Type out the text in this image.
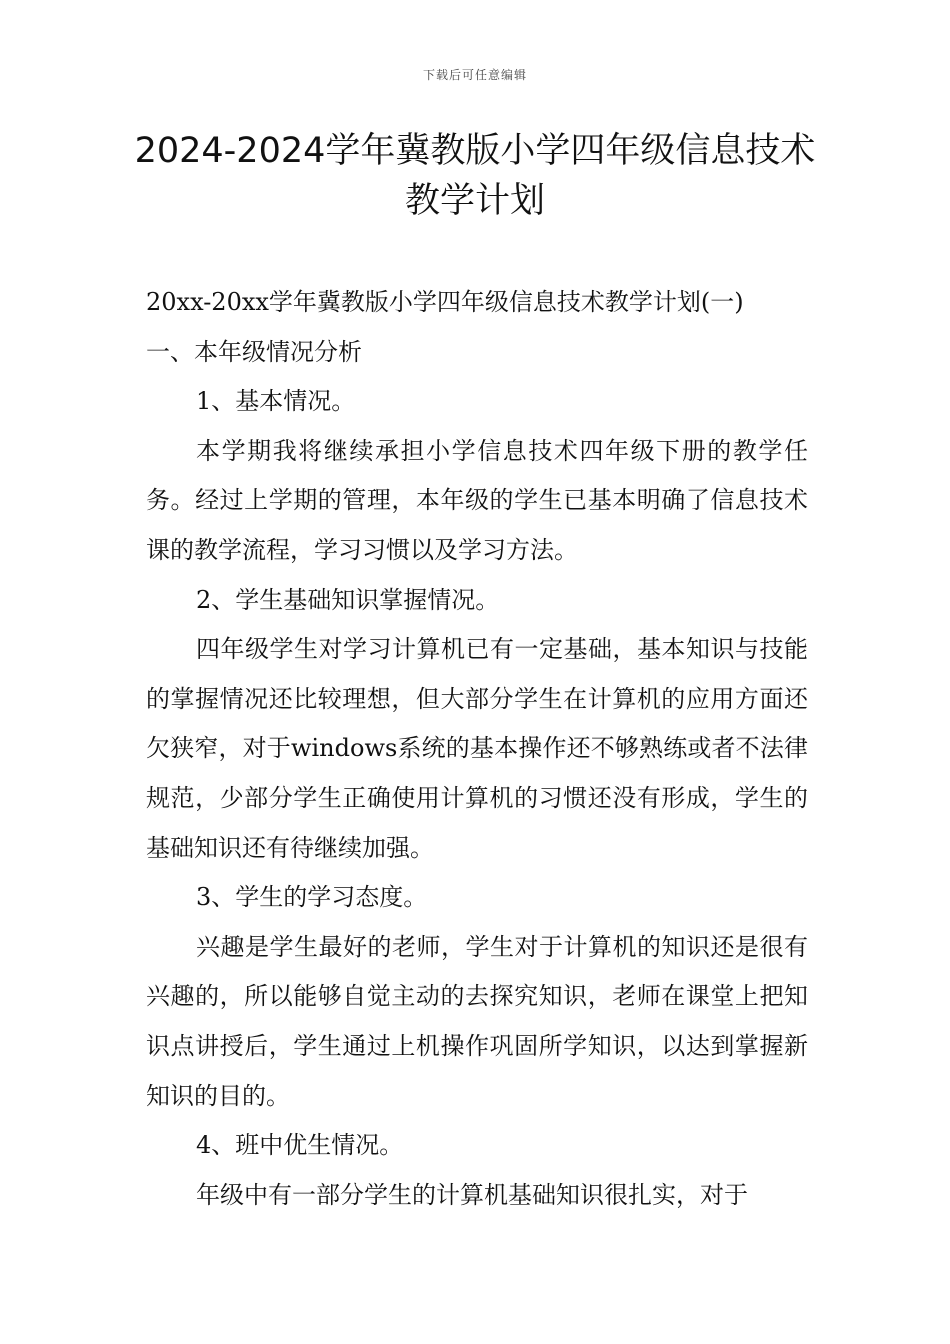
下载后可任意编辑
2024-2024学年冀教版小学四年级信息技术
教学计划

20xx-20xx学年冀教版小学四年级信息技术教学计划(一)

一、本年级情况分析

1、基本情况。

本学期我将继续承担小学信息技术四年级下册的教学任务。经过上学期的管理，本年级的学生已基本明确了信息技术课的教学流程，学习习惯以及学习方法。

2、学生基础知识掌握情况。

四年级学生对学习计算机已有一定基础，基本知识与技能的掌握情况还比较理想，但大部分学生在计算机的应用方面还欠狭窄，对于windows系统的基本操作还不够熟练或者不法律规范，少部分学生正确使用计算机的习惯还没有形成，学生的基础知识还有待继续加强。

3、学生的学习态度。

兴趣是学生最好的老师，学生对于计算机的知识还是很有兴趣的，所以能够自觉主动的去探究知识，老师在课堂上把知识点讲授后，学生通过上机操作巩固所学知识，以达到掌握新知识的目的。

4、班中优生情况。

年级中有一部分学生的计算机基础知识很扎实，对于
